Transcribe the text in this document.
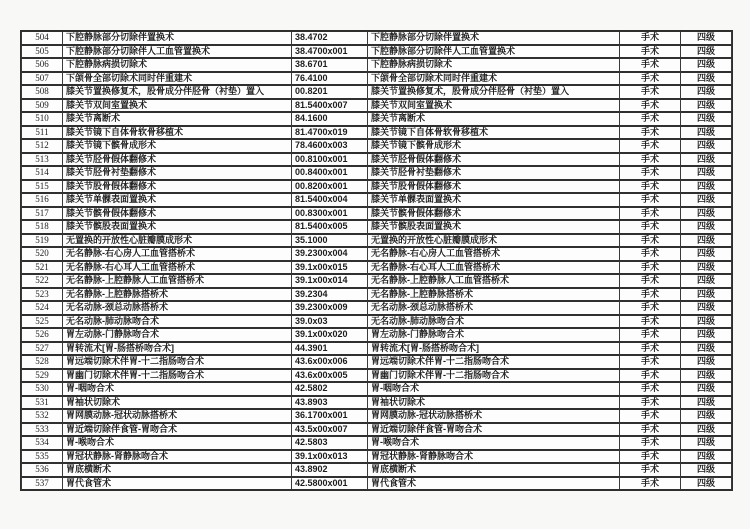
504	下腔静脉部分切除伴置换术	38.4702	下腔静脉部分切除伴置换术	手术	四级
505	下腔静脉部分切除伴人工血管置换术	38.4700x001	下腔静脉部分切除伴人工血管置换术	手术	四级
506	下腔静脉病损切除术	38.6701	下腔静脉病损切除术	手术	四级
507	下颌骨全部切除术同时伴重建术	76.4100	下颌骨全部切除术同时伴重建术	手术	四级
508	膝关节置换修复术，股骨成分伴胫骨（衬垫）置入	00.8201	膝关节置换修复术，股骨成分伴胫骨（衬垫）置入	手术	四级
509	膝关节双间室置换术	81.5400x007	膝关节双间室置换术	手术	四级
510	膝关节离断术	84.1600	膝关节离断术	手术	四级
511	膝关节镜下自体骨软骨移植术	81.4700x019	膝关节镜下自体骨软骨移植术	手术	四级
512	膝关节镜下髌骨成形术	78.4600x003	膝关节镜下髌骨成形术	手术	四级
513	膝关节胫骨假体翻修术	00.8100x001	膝关节胫骨假体翻修术	手术	四级
514	膝关节胫骨衬垫翻修术	00.8400x001	膝关节胫骨衬垫翻修术	手术	四级
515	膝关节股骨假体翻修术	00.8200x001	膝关节股骨假体翻修术	手术	四级
516	膝关节单髁表面置换术	81.5400x004	膝关节单髁表面置换术	手术	四级
517	膝关节髌骨假体翻修术	00.8300x001	膝关节髌骨假体翻修术	手术	四级
518	膝关节髌股表面置换术	81.5400x005	膝关节髌股表面置换术	手术	四级
519	无置换的开放性心脏瓣膜成形术	35.1000	无置换的开放性心脏瓣膜成形术	手术	四级
520	无名静脉-右心房人工血管搭桥术	39.2300x004	无名静脉-右心房人工血管搭桥术	手术	四级
521	无名静脉-右心耳人工血管搭桥术	39.1x00x015	无名静脉-右心耳人工血管搭桥术	手术	四级
522	无名静脉-上腔静脉人工血管搭桥术	39.1x00x014	无名静脉-上腔静脉人工血管搭桥术	手术	四级
523	无名静脉-上腔静脉搭桥术	39.2304	无名静脉-上腔静脉搭桥术	手术	四级
524	无名动脉-颈总动脉搭桥术	39.2300x009	无名动脉-颈总动脉搭桥术	手术	四级
525	无名动脉-肺动脉吻合术	39.0x03	无名动脉-肺动脉吻合术	手术	四级
526	胃左动脉-门静脉吻合术	39.1x00x020	胃左动脉-门静脉吻合术	手术	四级
527	胃转流术[胃-肠搭桥吻合术]	44.3901	胃转流术[胃-肠搭桥吻合术]	手术	四级
528	胃远端切除术伴胃-十二指肠吻合术	43.6x00x006	胃远端切除术伴胃-十二指肠吻合术	手术	四级
529	胃幽门切除术伴胃-十二指肠吻合术	43.6x00x005	胃幽门切除术伴胃-十二指肠吻合术	手术	四级
530	胃-咽吻合术	42.5802	胃-咽吻合术	手术	四级
531	胃袖状切除术	43.8903	胃袖状切除术	手术	四级
532	胃网膜动脉-冠状动脉搭桥术	36.1700x001	胃网膜动脉-冠状动脉搭桥术	手术	四级
533	胃近端切除伴食管-胃吻合术	43.5x00x007	胃近端切除伴食管-胃吻合术	手术	四级
534	胃-喉吻合术	42.5803	胃-喉吻合术	手术	四级
535	胃冠状静脉-肾静脉吻合术	39.1x00x013	胃冠状静脉-肾静脉吻合术	手术	四级
536	胃底横断术	43.8902	胃底横断术	手术	四级
537	胃代食管术	42.5800x001	胃代食管术	手术	四级
